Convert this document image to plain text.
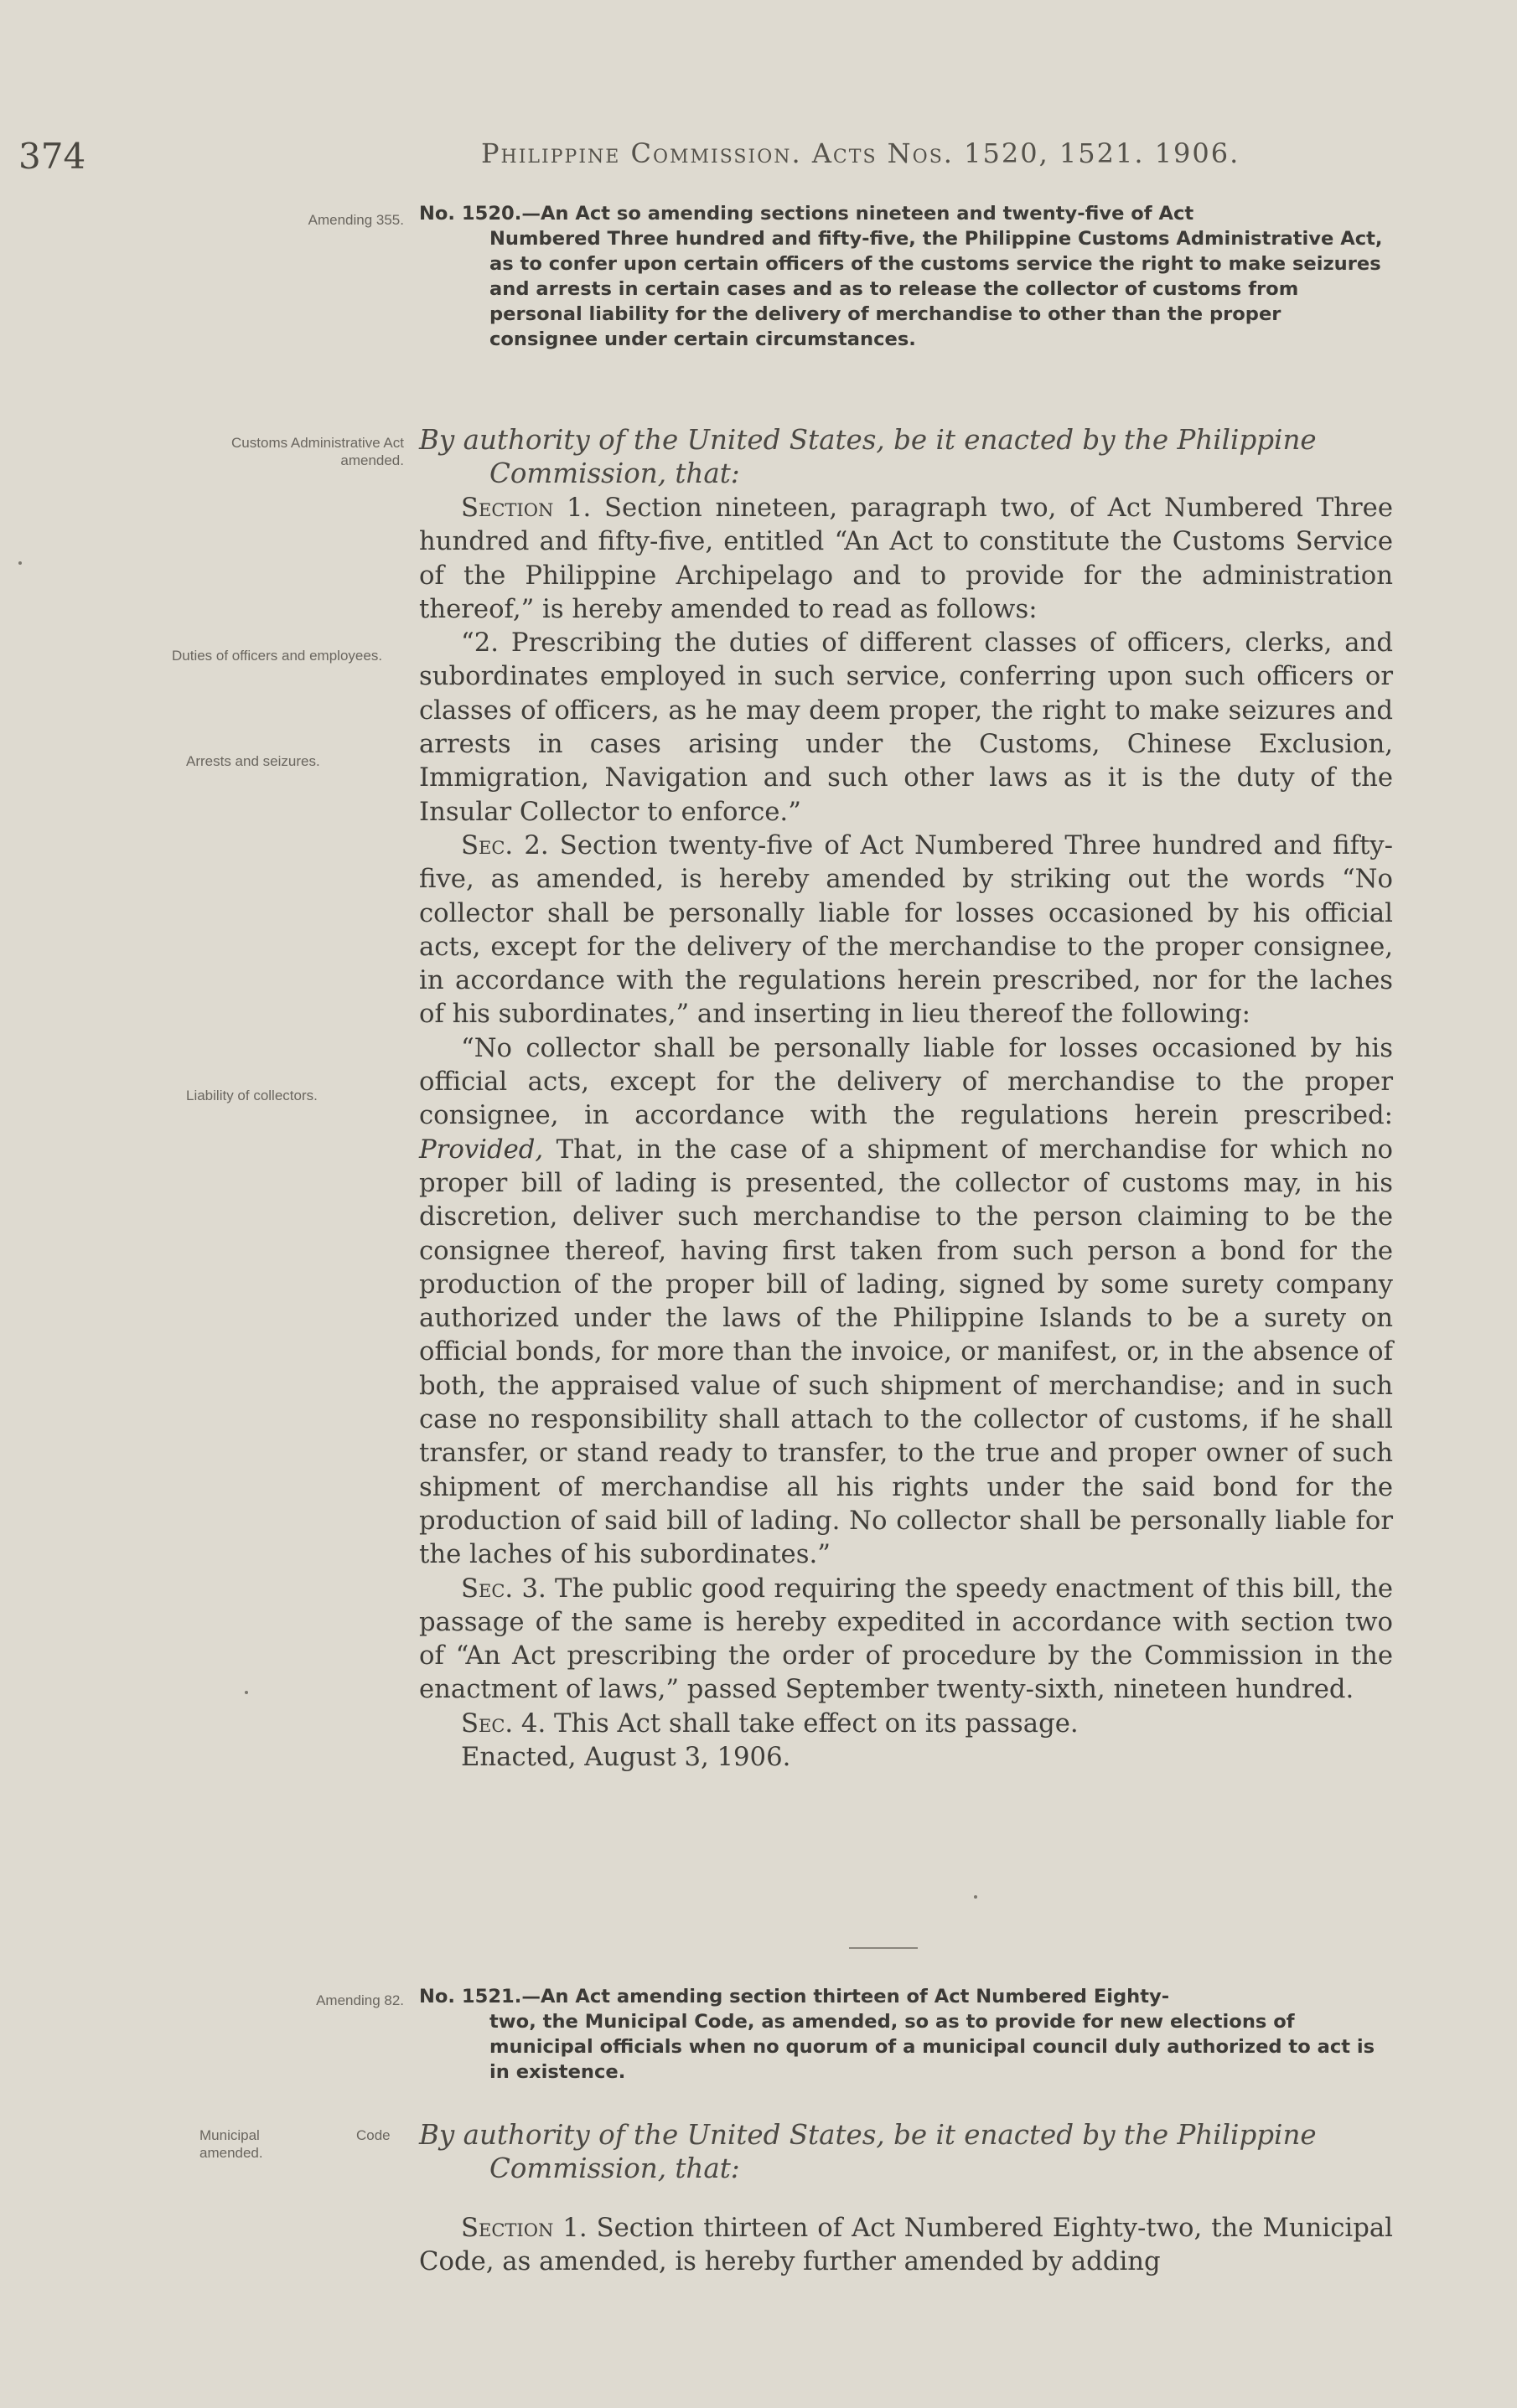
374	Philippine Commission. Acts Nos. 1520, 1521. 1906.
Amending 355. No. 1520.—An Act so amending sections nineteen and twenty-five of Act
Numbered Three hundred and fifty-five, the Philippine Customs Administrative Act, as to confer upon certain officers of the customs service the right to make seizures and arrests in certain cases and as to release the collector of customs from personal liability for the delivery of merchandise to other than the proper consignee under certain circumstances.
Customs Administrative Act amended.
By authority of the United States, be it enacted by the Philippine
Commission, that:
Duties of officers and employees.
Arrests and seizures.
Liability of collectors.

Section 1. Section nineteen, paragraph two, of Act Numbered Three hundred and fifty-five, entitled “An Act to constitute the Customs Service of the Philippine Archipelago and to provide for the administration thereof,” is hereby amended to read as follows:

“2. Prescribing the duties of different classes of officers, clerks, and subordinates employed in such service, conferring upon such officers or classes of officers, as he may deem proper, the right to make seizures and arrests in cases arising under the Customs, Chinese Exclusion, Immigration, Navigation and such other laws as it is the duty of the Insular Collector to enforce.”

Sec. 2. Section twenty-five of Act Numbered Three hundred and fifty-five, as amended, is hereby amended by striking out the words “No collector shall be personally liable for losses occasioned by his official acts, except for the delivery of the merchandise to the proper consignee, in accordance with the regulations herein prescribed, nor for the laches of his subordinates,” and inserting in lieu thereof the following:

“No collector shall be personally liable for losses occasioned by his official acts, except for the delivery of merchandise to the proper consignee, in accordance with the regulations herein prescribed: Provided, That, in the case of a shipment of merchandise for which no proper bill of lading is presented, the collector of customs may, in his discretion, deliver such merchandise to the person claiming to be the consignee thereof, having first taken from such person a bond for the production of the proper bill of lading, signed by some surety company authorized under the laws of the Philippine Islands to be a surety on official bonds, for more than the invoice, or manifest, or, in the absence of both, the appraised value of such shipment of merchandise; and in such case no responsibility shall attach to the collector of customs, if he shall transfer, or stand ready to transfer, to the true and proper owner of such shipment of merchandise all his rights under the said bond for the production of said bill of lading. No collector shall be personally liable for the laches of his subordinates.”

Sec. 3. The public good requiring the speedy enactment of this bill, the passage of the same is hereby expedited in accordance with section two of “An Act prescribing the order of procedure by the Commission in the enactment of laws,” passed September twenty-sixth, nineteen hundred.

Sec. 4. This Act shall take effect on its passage.

Enacted, August 3, 1906.

Amending 82. No. 1521.—An Act amending section thirteen of Act Numbered Eighty-
two, the Municipal Code, as amended, so as to provide for new elections of municipal officials when no quorum of a municipal council duly authorized to act is in existence.
Municipal
amended.
Code	By authority of the United States, be it enacted by the Philippine
Commission, that:

Section 1. Section thirteen of Act Numbered Eighty-two, the Municipal Code, as amended, is hereby further amended by adding
